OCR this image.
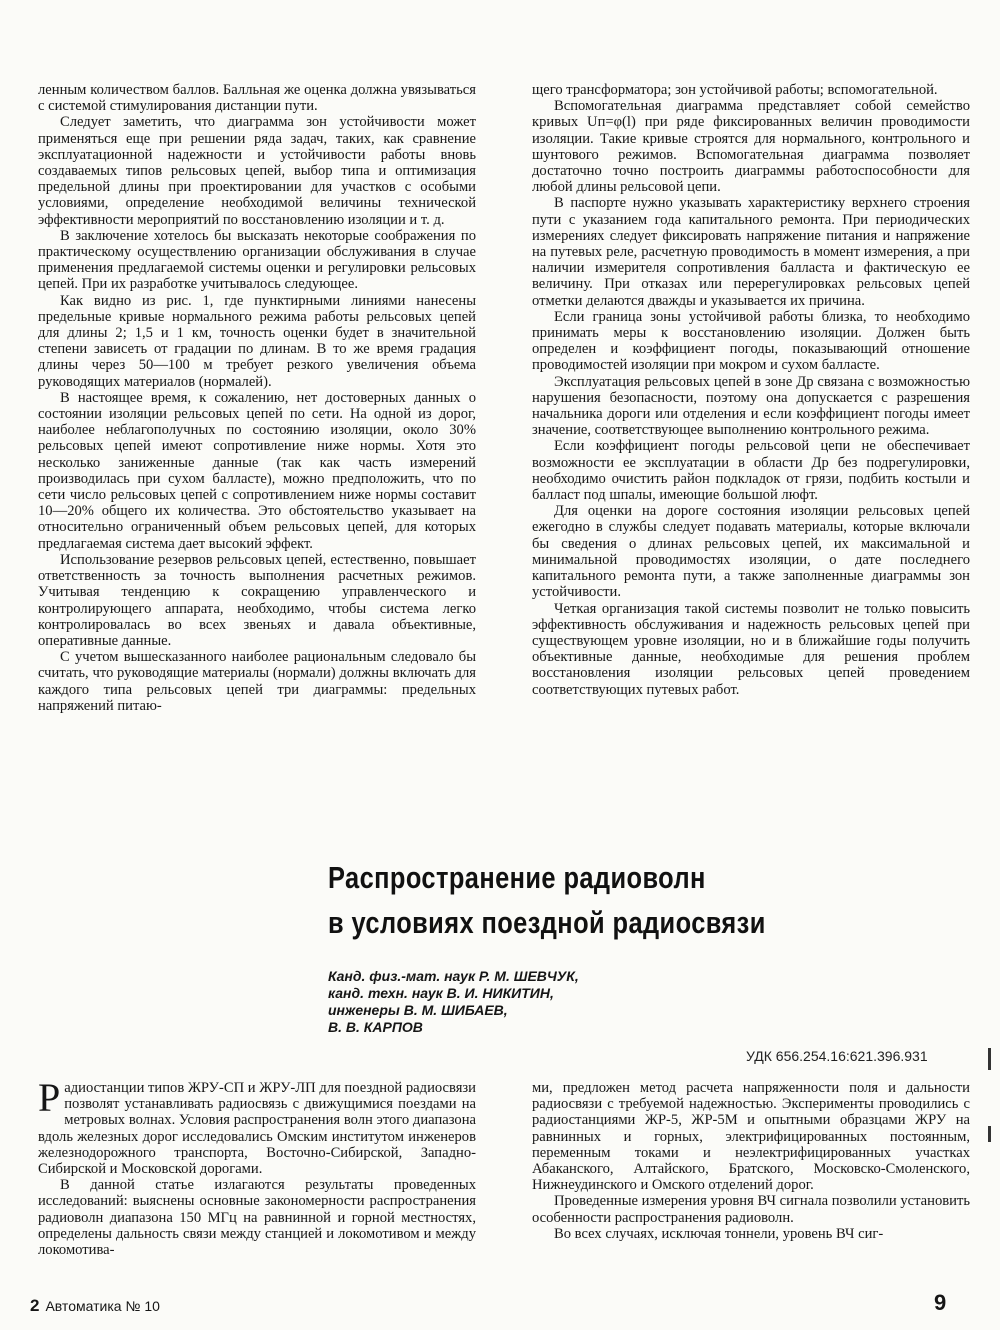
ленным количеством баллов. Балльная же оценка должна увязываться с системой стимулирования дистанции пути.

Следует заметить, что диаграмма зон устойчивости может применяться еще при решении ряда задач, таких, как сравнение эксплуатационной надежности и устойчивости работы вновь создаваемых типов рельсовых цепей, выбор типа и оптимизация предельной длины при проектировании для участков с особыми условиями, определение необходимой величины технической эффективности мероприятий по восстановлению изоляции и т. д.

В заключение хотелось бы высказать некоторые соображения по практическому осуществлению организации обслуживания в случае применения предлагаемой системы оценки и регулировки рельсовых цепей. При их разработке учитывалось следующее.

Как видно из рис. 1, где пунктирными линиями нанесены предельные кривые нормального режима работы рельсовых цепей для длины 2; 1,5 и 1 км, точность оценки будет в значительной степени зависеть от градации по длинам. В то же время градация длины через 50—100 м требует резкого увеличения объема руководящих материалов (нормалей).

В настоящее время, к сожалению, нет достоверных данных о состоянии изоляции рельсовых цепей по сети. На одной из дорог, наиболее неблагополучных по состоянию изоляции, около 30% рельсовых цепей имеют сопротивление ниже нормы. Хотя это несколько заниженные данные (так как часть измерений производилась при сухом балласте), можно предположить, что по сети число рельсовых цепей с сопротивлением ниже нормы составит 10—20% общего их количества. Это обстоятельство указывает на относительно ограниченный объем рельсовых цепей, для которых предлагаемая система дает высокий эффект.

Использование резервов рельсовых цепей, естественно, повышает ответственность за точность выполнения расчетных режимов. Учитывая тенденцию к сокращению управленческого и контролирующего аппарата, необходимо, чтобы система легко контролировалась во всех звеньях и давала объективные, оперативные данные.

С учетом вышесказанного наиболее рациональным следовало бы считать, что руководящие материалы (нормали) должны включать для каждого типа рельсовых цепей три диаграммы: предельных напряжений питаю-

щего трансформатора; зон устойчивой работы; вспомогательной.

Вспомогательная диаграмма представляет собой семейство кривых Uп=φ(l) при ряде фиксированных величин проводимости изоляции. Такие кривые строятся для нормального, контрольного и шунтового режимов. Вспомогательная диаграмма позволяет достаточно точно построить диаграммы работоспособности для любой длины рельсовой цепи.

В паспорте нужно указывать характеристику верхнего строения пути с указанием года капитального ремонта. При периодических измерениях следует фиксировать напряжение питания и напряжение на путевых реле, расчетную проводимость в момент измерения, а при наличии измерителя сопротивления балласта и фактическую ее величину. При отказах или перерегулировках рельсовых цепей отметки делаются дважды и указывается их причина.

Если граница зоны устойчивой работы близка, то необходимо принимать меры к восстановлению изоляции. Должен быть определен и коэффициент погоды, показывающий отношение проводимостей изоляции при мокром и сухом балласте.

Эксплуатация рельсовых цепей в зоне Др связана с возможностью нарушения безопасности, поэтому она допускается с разрешения начальника дороги или отделения и если коэффициент погоды имеет значение, соответствующее выполнению контрольного режима.

Если коэффициент погоды рельсовой цепи не обеспечивает возможности ее эксплуатации в области Др без подрегулировки, необходимо очистить район подкладок от грязи, подбить костыли и балласт под шпалы, имеющие большой люфт.

Для оценки на дороге состояния изоляции рельсовых цепей ежегодно в службы следует подавать материалы, которые включали бы сведения о длинах рельсовых цепей, их максимальной и минимальной проводимостях изоляции, о дате последнего капитального ремонта пути, а также заполненные диаграммы зон устойчивости.

Четкая организация такой системы позволит не только повысить эффективность обслуживания и надежность рельсовых цепей при существующем уровне изоляции, но и в ближайшие годы получить объективные данные, необходимые для решения проблем восстановления изоляции рельсовых цепей проведением соответствующих путевых работ.

Распространение радиоволн
в условиях поездной радиосвязи
Канд. физ.-мат. наук Р. М. ШЕВЧУК,
канд. техн. наук В. И. НИКИТИН,
инженеры В. М. ШИБАЕВ,
В. В. КАРПОВ
УДК 656.254.16:621.396.931

Радиостанции типов ЖРУ-СП и ЖРУ-ЛП для поездной радиосвязи позволят устанавливать радиосвязь с движущимися поездами на метровых волнах. Условия распространения волн этого диапазона вдоль железных дорог исследовались Омским институтом инженеров железнодорожного транспорта, Восточно-Сибирской, Западно-Сибирской и Московской дорогами.

В данной статье излагаются результаты проведенных исследований: выяснены основные закономерности распространения радиоволн диапазона 150 МГц на равнинной и горной местностях, определены дальность связи между станцией и локомотивом и между локомотива-

ми, предложен метод расчета напряженности поля и дальности радиосвязи с требуемой надежностью. Эксперименты проводились с радиостанциями ЖР-5, ЖР-5М и опытными образцами ЖРУ на равнинных и горных, электрифицированных постоянным, переменным токами и неэлектрифицированных участках Абаканского, Алтайского, Братского, Московско-Смоленского, Нижнеудинского и Омского отделений дорог.

Проведенные измерения уровня ВЧ сигнала позволили установить особенности распространения радиоволн.

Во всех случаях, исключая тоннели, уровень ВЧ сиг-

2 Автоматика № 10	9
